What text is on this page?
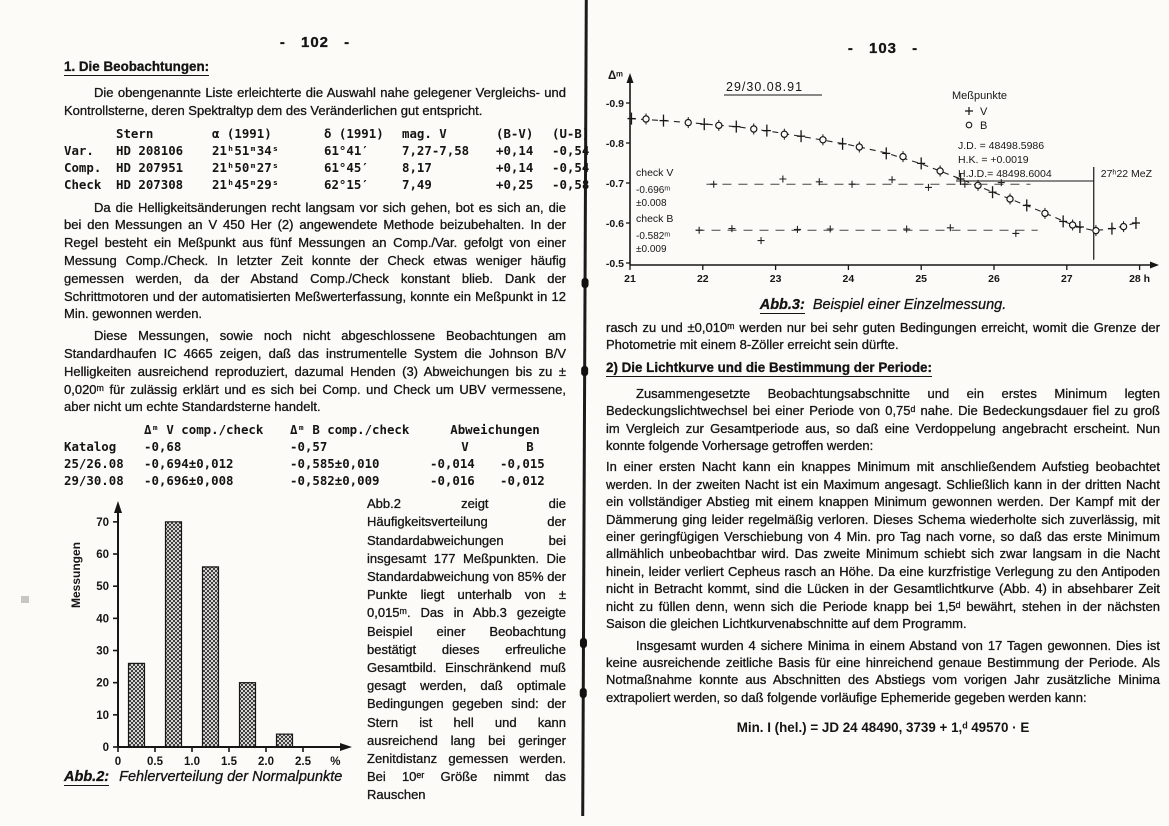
- 102 -
1. Die Beobachtungen:

Die obengenannte Liste erleichterte die Auswahl nahe gelegener Vergleichs- und Kontrollsterne, deren Spektraltyp dem des Veränderlichen gut entspricht.

Stern	α (1991)	δ (1991)	mag. V	(B-V)	(U-B)
Var.	HD 208106	21ʰ51ᵐ34ˢ	61°41′	7,27-7,58	+0,14	-0,54
Comp.	HD 207951	21ʰ50ᵐ27ˢ	61°45′	8,17	+0,14	-0,54
Check	HD 207308	21ʰ45ᵐ29ˢ	62°15′	7,49	+0,25	-0,58

Da die Helligkeitsänderungen recht langsam vor sich gehen, bot es sich an, die bei den Messungen an V 450 Her (2) angewendete Methode beizubehalten. In der Regel besteht ein Meßpunkt aus fünf Messungen an Comp./Var. gefolgt von einer Messung Comp./Check. In letzter Zeit konnte der Check etwas weniger häufig gemessen werden, da der Abstand Comp./Check konstant blieb. Dank der Schrittmotoren und der automatisierten Meßwerterfassung, konnte ein Meßpunkt in 12 Min. gewonnen werden.

Diese Messungen, sowie noch nicht abgeschlossene Beobachtungen am Standardhaufen IC 4665 zeigen, daß das instrumentelle System die Johnson B/V Helligkeiten ausreichend reproduziert, dazumal Henden (3) Abweichungen bis zu ± 0,020ᵐ für zulässig erklärt und es sich bei Comp. und Check um UBV vermessene, aber nicht um echte Standardsterne handelt.

Δᵐ V comp./check	Δᵐ B comp./check	Abweichungen
Katalog	-0,68	-0,57	V	B
25/26.08	-0,694±0,012	-0,585±0,010	-0,014	-0,015
29/30.08	-0,696±0,008	-0,582±0,009	-0,016	-0,012
0
10
20
30
40
50
60
70
0 0.5 1.0 1.5 2.0 2.5 %
Messungen
Abb.2: Fehlerverteilung der Normalpunkte

Abb.2 zeigt die Häufigkeitsverteilung der Standardabweichungen bei insgesamt 177 Meßpunkten. Die Standardabweichung von 85% der Punkte liegt unterhalb von ± 0,015ᵐ. Das in Abb.3 gezeigte Beispiel einer Beobachtung bestätigt dieses erfreuliche Gesamtbild. Einschränkend muß gesagt werden, daß optimale Bedingungen gegeben sind: der Stern ist hell und kann ausreichend lang bei geringer Zenitdistanz gemessen werden. Bei 10ᵉʳ Größe nimmt das Rauschen

- 103 -
Δᵐ
-0.9
-0.8
-0.7
-0.6
-0.5
21	22	23	24	25	26	27	28 h
29/30.08.91
Meßpunkte
V
B
J.D. = 48498.5986
H.K. = +0.0019
H.J.D.= 48498.6004	27ʰ22 MeZ
check V
-0.696ᵐ
±0.008
check B
-0.582ᵐ
±0.009
Abb.3: Beispiel einer Einzelmessung.

rasch zu und ±0,010ᵐ werden nur bei sehr guten Bedingungen erreicht, womit die Grenze der Photometrie mit einem 8-Zöller erreicht sein dürfte.

2) Die Lichtkurve und die Bestimmung der Periode:

Zusammengesetzte Beobachtungsabschnitte und ein erstes Minimum legten Bedeckungslichtwechsel bei einer Periode von 0,75ᵈ nahe. Die Bedeckungsdauer fiel zu groß im Vergleich zur Gesamtperiode aus, so daß eine Verdoppelung angebracht erscheint. Nun konnte folgende Vorhersage getroffen werden:

In einer ersten Nacht kann ein knappes Minimum mit anschließendem Aufstieg beobachtet werden. In der zweiten Nacht ist ein Maximum angesagt. Schließlich kann in der dritten Nacht ein vollständiger Abstieg mit einem knappen Minimum gewonnen werden. Der Kampf mit der Dämmerung ging leider regelmäßig verloren. Dieses Schema wiederholte sich zuverlässig, mit einer geringfügigen Verschiebung von 4 Min. pro Tag nach vorne, so daß das erste Minimum allmählich unbeobachtbar wird. Das zweite Minimum schiebt sich zwar langsam in die Nacht hinein, leider verliert Cepheus rasch an Höhe. Da eine kurzfristige Verlegung zu den Antipoden nicht in Betracht kommt, sind die Lücken in der Gesamtlichtkurve (Abb. 4) in absehbarer Zeit nicht zu füllen denn, wenn sich die Periode knapp bei 1,5ᵈ bewährt, stehen in der nächsten Saison die gleichen Lichtkurvenabschnitte auf dem Programm.

Insgesamt wurden 4 sichere Minima in einem Abstand von 17 Tagen gewonnen. Dies ist keine ausreichende zeitliche Basis für eine hinreichend genaue Bestimmung der Periode. Als Notmaßnahme konnte aus Abschnitten des Abstiegs vom vorigen Jahr zusätzliche Minima extrapoliert werden, so daß folgende vorläufige Ephemeride gegeben werden kann:

Min. I (hel.) = JD 24 48490, 3739 + 1,ᵈ 49570 · E
